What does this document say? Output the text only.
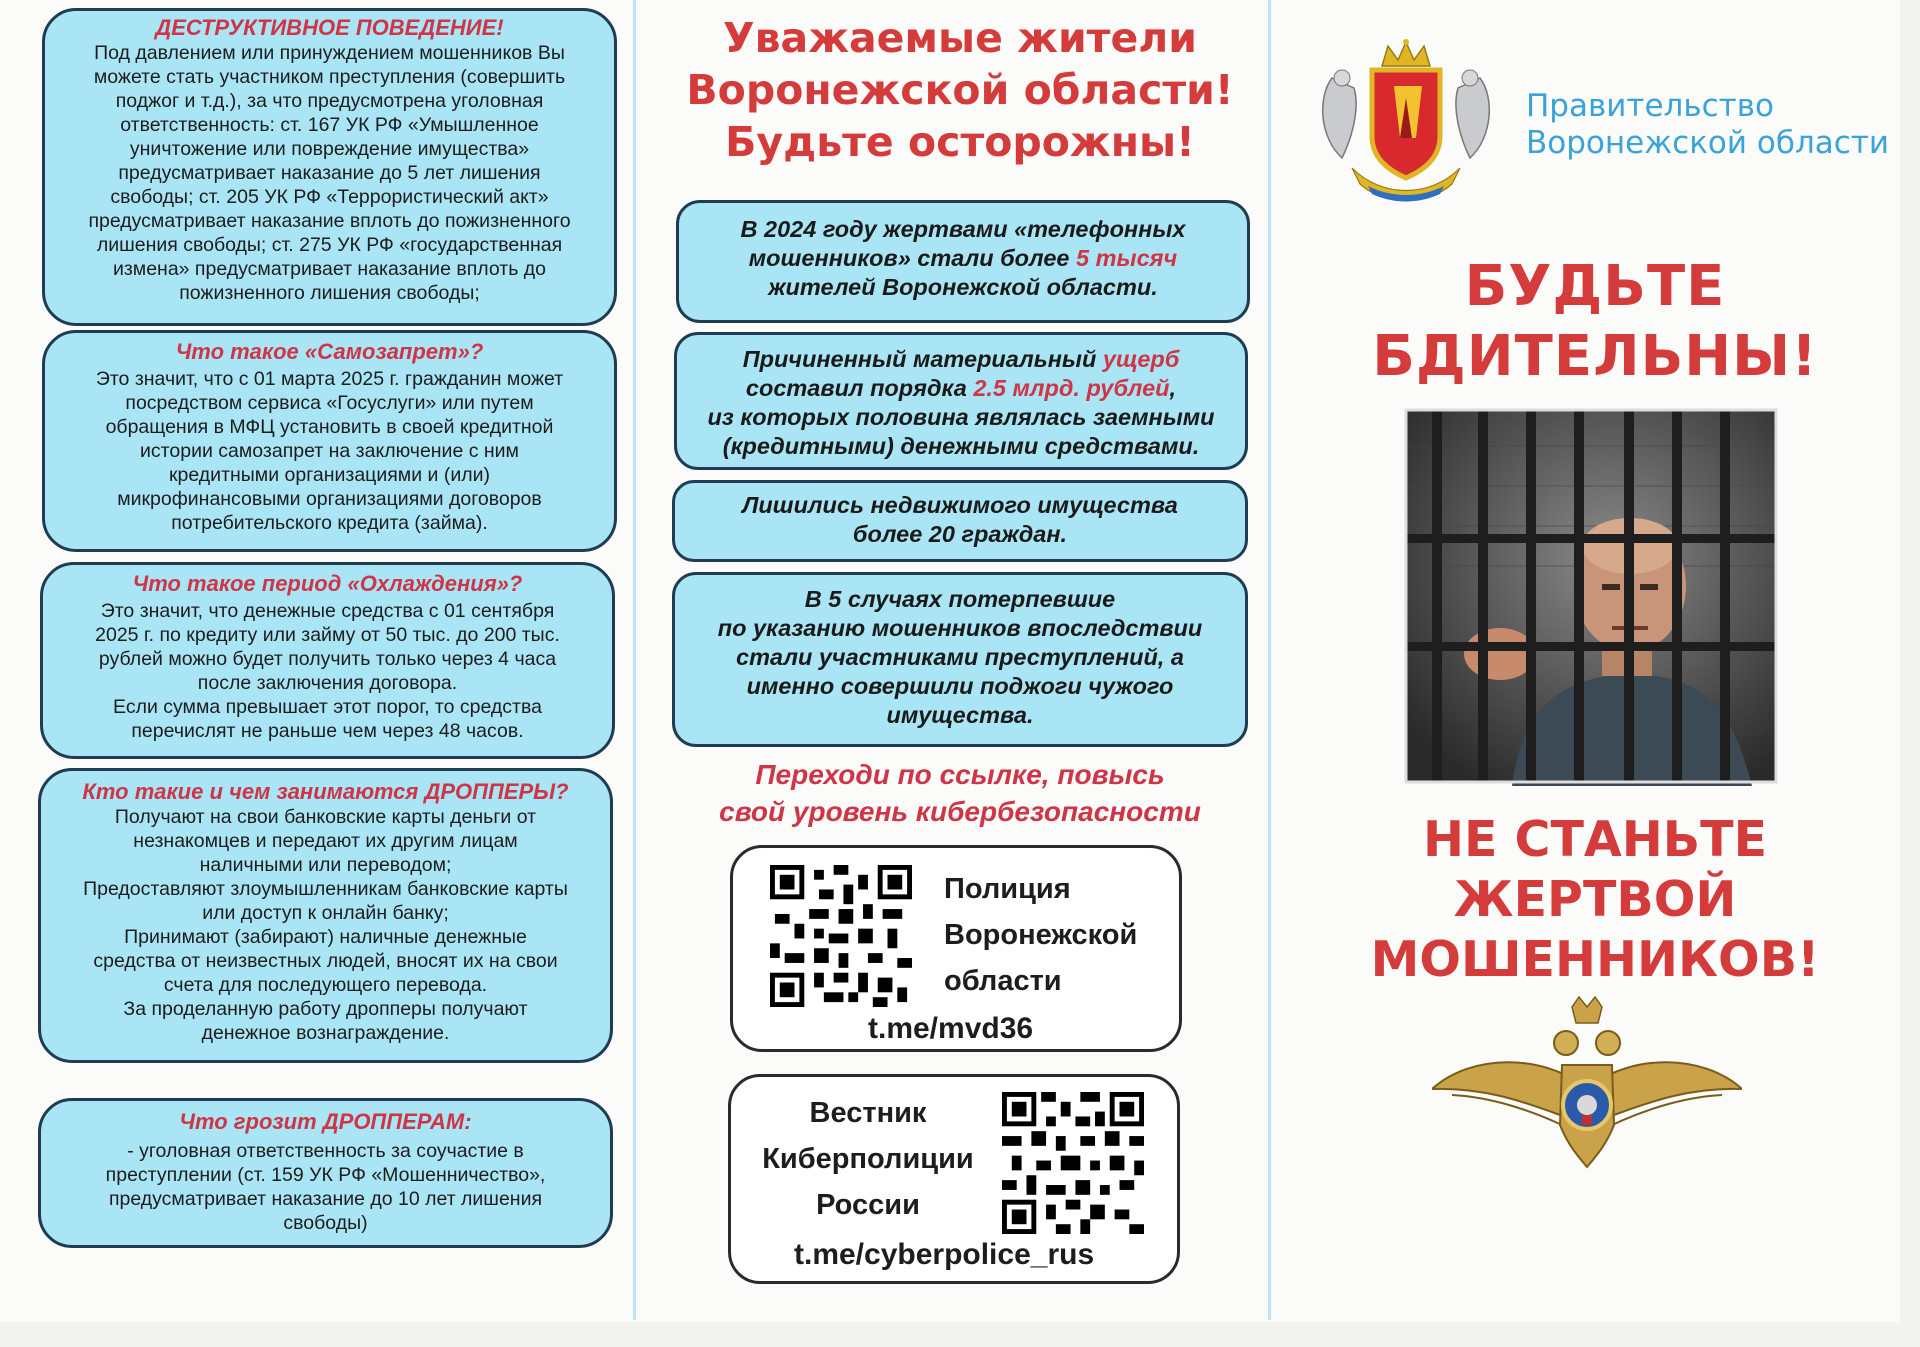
ДЕСТРУКТИВНОЕ ПОВЕДЕНИЕ!
Под давлением или принуждением мошенников Вы
можете стать участником преступления (совершить
поджог и т.д.), за что предусмотрена уголовная
ответственность: ст. 167 УК РФ «Умышленное
уничтожение или повреждение имущества»
предусматривает наказание до 5 лет лишения
свободы; ст. 205 УК РФ «Террористический акт»
предусматривает наказание вплоть до пожизненного
лишения свободы; ст. 275 УК РФ «государственная
измена» предусматривает наказание вплоть до
пожизненного лишения свободы;
Что такое «Самозапрет»?
Это значит, что с 01 марта 2025 г. гражданин может
посредством сервиса «Госуслуги» или путем
обращения в МФЦ установить в своей кредитной
истории самозапрет на заключение с ним
кредитными организациями и (или)
микрофинансовыми организациями договоров
потребительского кредита (займа).
Что такое период «Охлаждения»?
Это значит, что денежные средства с 01 сентября
2025 г. по кредиту или займу от 50 тыс. до 200 тыс.
рублей можно будет получить только через 4 часа
после заключения договора.
Если сумма превышает этот порог, то средства
перечислят не раньше чем через 48 часов.
Кто такие и чем занимаются ДРОППЕРЫ?
Получают на свои банковские карты деньги от
незнакомцев и передают их другим лицам
наличными или переводом;
Предоставляют злоумышленникам банковские карты
или доступ к онлайн банку;
Принимают (забирают) наличные денежные
средства от неизвестных людей, вносят их на свои
счета для последующего перевода.
За проделанную работу дропперы получают
денежное вознаграждение.
Что грозит ДРОППЕРАМ:
- уголовная ответственность за соучастие в
преступлении (ст. 159 УК РФ «Мошенничество»,
предусматривает наказание до 10 лет лишения
свободы)
Уважаемые жители
Воронежской области!
Будьте осторожны!
В 2024 году жертвами «телефонных
мошенников» стали более 5 тысяч
жителей Воронежской области.
Причиненный материальный ущерб
составил порядка 2.5 млрд. рублей,
из которых половина являлась заемными
(кредитными) денежными средствами.
Лишились недвижимого имущества
более 20 граждан.
В 5 случаях потерпевшие
по указанию мошенников впоследствии
стали участниками преступлений, а
именно совершили поджоги чужого
имущества.
Переходи по ссылке, повысь
свой уровень кибербезопасности
Полиция
Воронежской
области
t.me/mvd36
Вестник
Киберполиции
России
t.me/cyberpolice_rus
Правительство
Воронежской области
БУДЬТЕ
БДИТЕЛЬНЫ!
НЕ СТАНЬТЕ
ЖЕРТВОЙ
МОШЕННИКОВ!
